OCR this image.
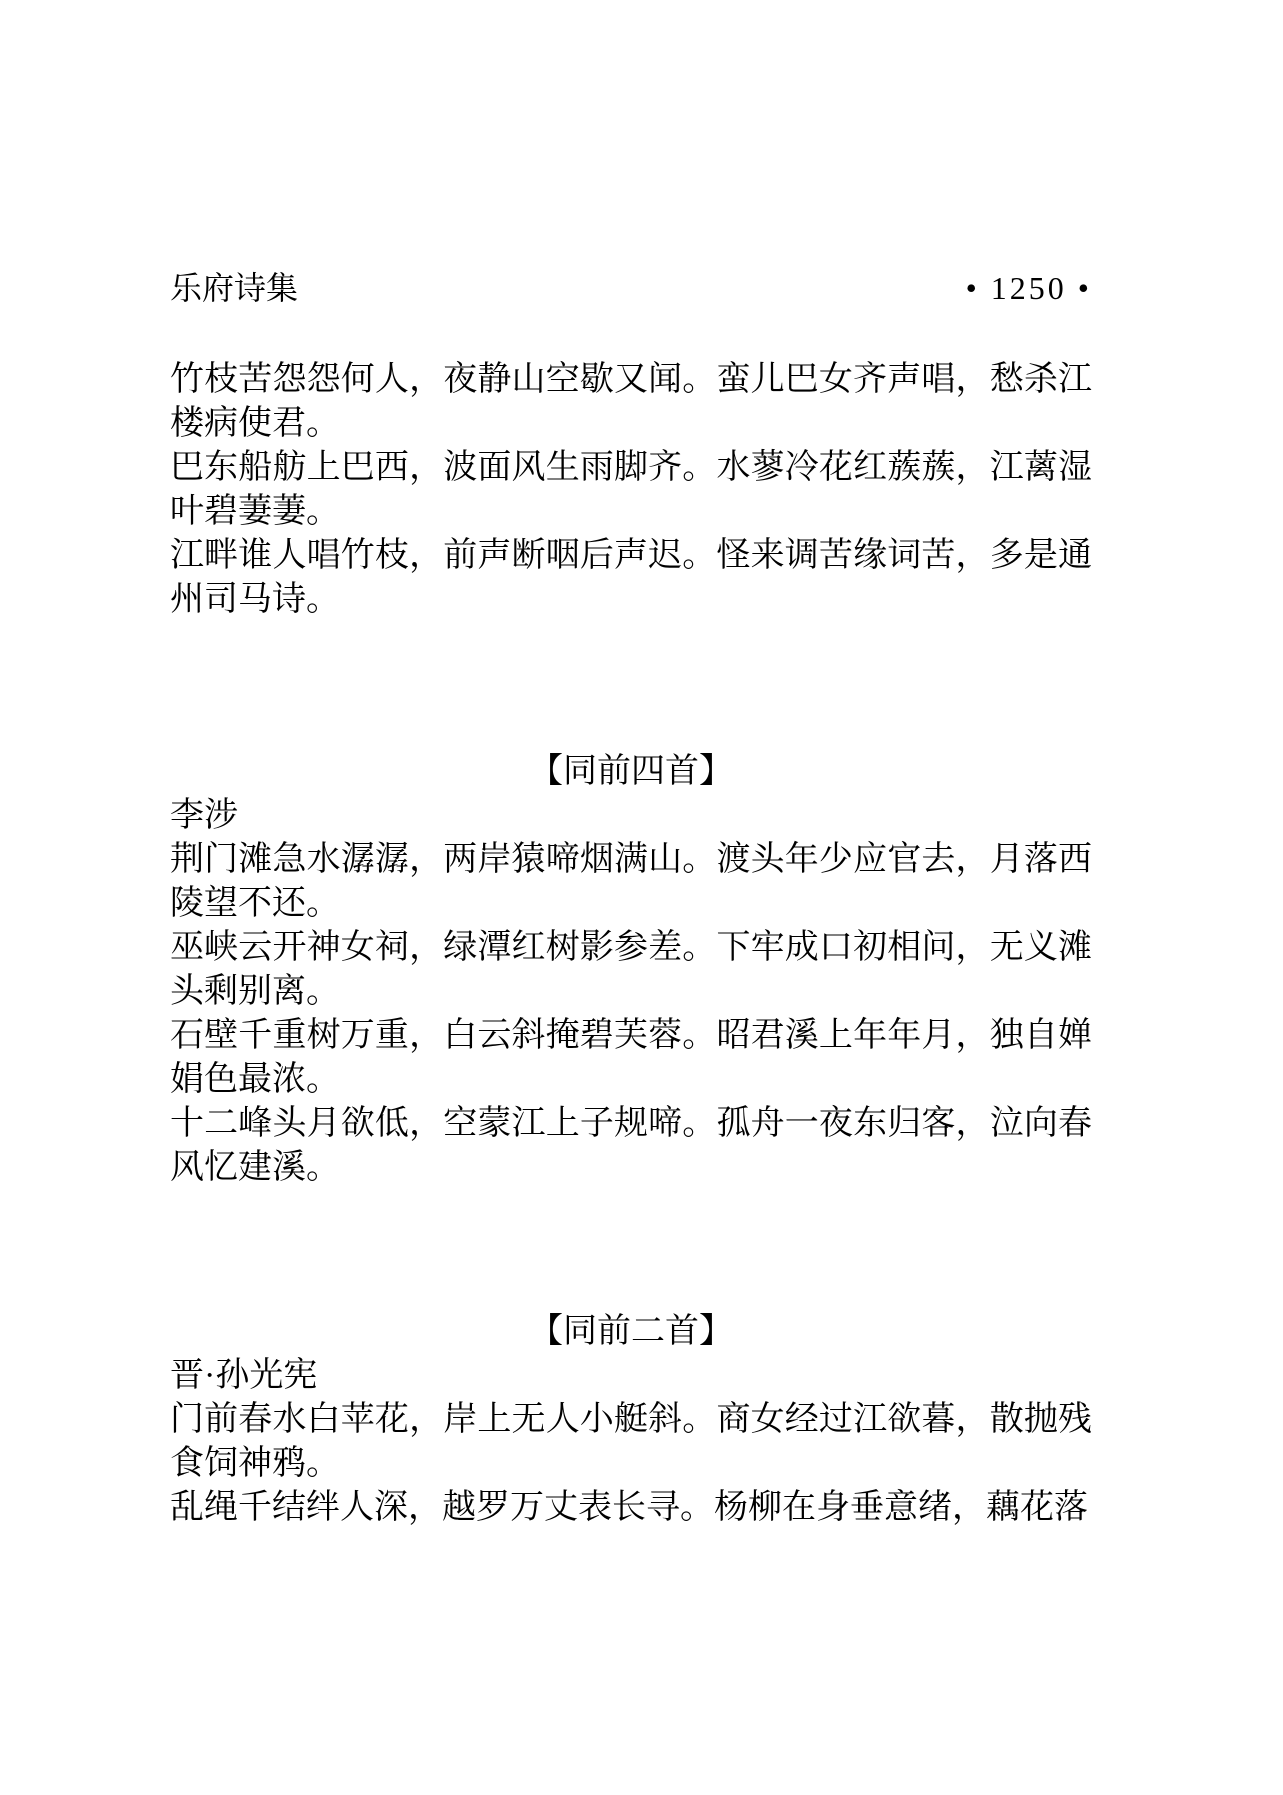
乐府诗集	• 1250 •

竹枝苦怨怨何人，夜静山空歇又闻。蛮儿巴女齐声唱，愁杀江楼病使君。

巴东船舫上巴西，波面风生雨脚齐。水蓼冷花红蔟蔟，江蓠湿叶碧萋萋。

江畔谁人唱竹枝，前声断咽后声迟。怪来调苦缘词苦，多是通州司马诗。

【同前四首】

李涉

荆门滩急水潺潺，两岸猿啼烟满山。渡头年少应官去，月落西陵望不还。

巫峡云开神女祠，绿潭红树影参差。下牢成口初相问，无义滩头剩别离。

石壁千重树万重，白云斜掩碧芙蓉。昭君溪上年年月，独自婵娟色最浓。

十二峰头月欲低，空蒙江上子规啼。孤舟一夜东归客，泣向春风忆建溪。

【同前二首】

晋·孙光宪

门前春水白苹花，岸上无人小艇斜。商女经过江欲暮，散抛残食饲神鸦。

乱绳千结绊人深，越罗万丈表长寻。杨柳在身垂意绪，藕花落
